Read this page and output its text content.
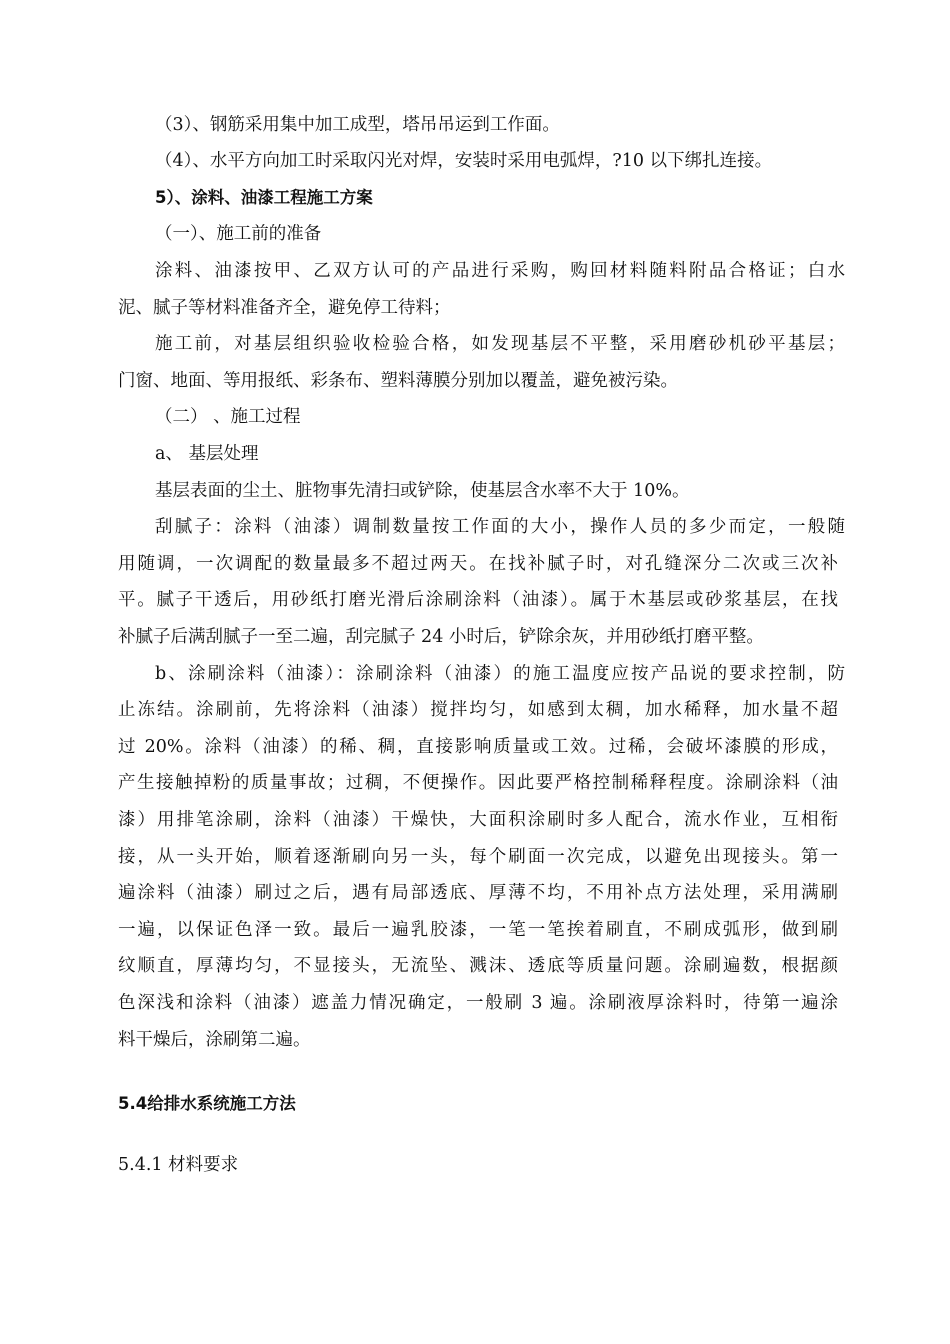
（3）、钢筋采用集中加工成型，塔吊吊运到工作面。
（4）、水平方向加工时采取闪光对焊，安装时采用电弧焊，?10 以下绑扎连接。
5）、涂料、油漆工程施工方案
（一）、施工前的准备
涂料、油漆按甲、乙双方认可的产品进行采购，购回材料随料附品合格证；白水
泥、腻子等材料准备齐全，避免停工待料；
施工前，对基层组织验收检验合格，如发现基层不平整，采用磨砂机砂平基层；
门窗、地面、等用报纸、彩条布、塑料薄膜分别加以覆盖，避免被污染。
（二） 、施工过程
a、 基层处理
基层表面的尘土、脏物事先清扫或铲除，使基层含水率不大于 10%。
刮腻子：涂料（油漆）调制数量按工作面的大小，操作人员的多少而定，一般随
用随调，一次调配的数量最多不超过两天。在找补腻子时，对孔缝深分二次或三次补
平。腻子干透后，用砂纸打磨光滑后涂刷涂料（油漆）。属于木基层或砂浆基层，在找
补腻子后满刮腻子一至二遍，刮完腻子 24 小时后，铲除余灰，并用砂纸打磨平整。
b、涂刷涂料（油漆）：涂刷涂料（油漆）的施工温度应按产品说的要求控制，防
止冻结。涂刷前，先将涂料（油漆）搅拌均匀，如感到太稠，加水稀释，加水量不超
过 20%。涂料（油漆）的稀、稠，直接影响质量或工效。过稀，会破坏漆膜的形成，
产生接触掉粉的质量事故；过稠，不便操作。因此要严格控制稀释程度。涂刷涂料（油
漆）用排笔涂刷，涂料（油漆）干燥快，大面积涂刷时多人配合，流水作业，互相衔
接，从一头开始，顺着逐渐刷向另一头，每个刷面一次完成，以避免出现接头。第一
遍涂料（油漆）刷过之后，遇有局部透底、厚薄不均，不用补点方法处理，采用满刷
一遍，以保证色泽一致。最后一遍乳胶漆，一笔一笔挨着刷直，不刷成弧形，做到刷
纹顺直，厚薄均匀，不显接头，无流坠、溅沫、透底等质量问题。涂刷遍数，根据颜
色深浅和涂料（油漆）遮盖力情况确定，一般刷 3 遍。涂刷液厚涂料时，待第一遍涂
料干燥后，涂刷第二遍。
5.4给排水系统施工方法
5.4.1 材料要求
